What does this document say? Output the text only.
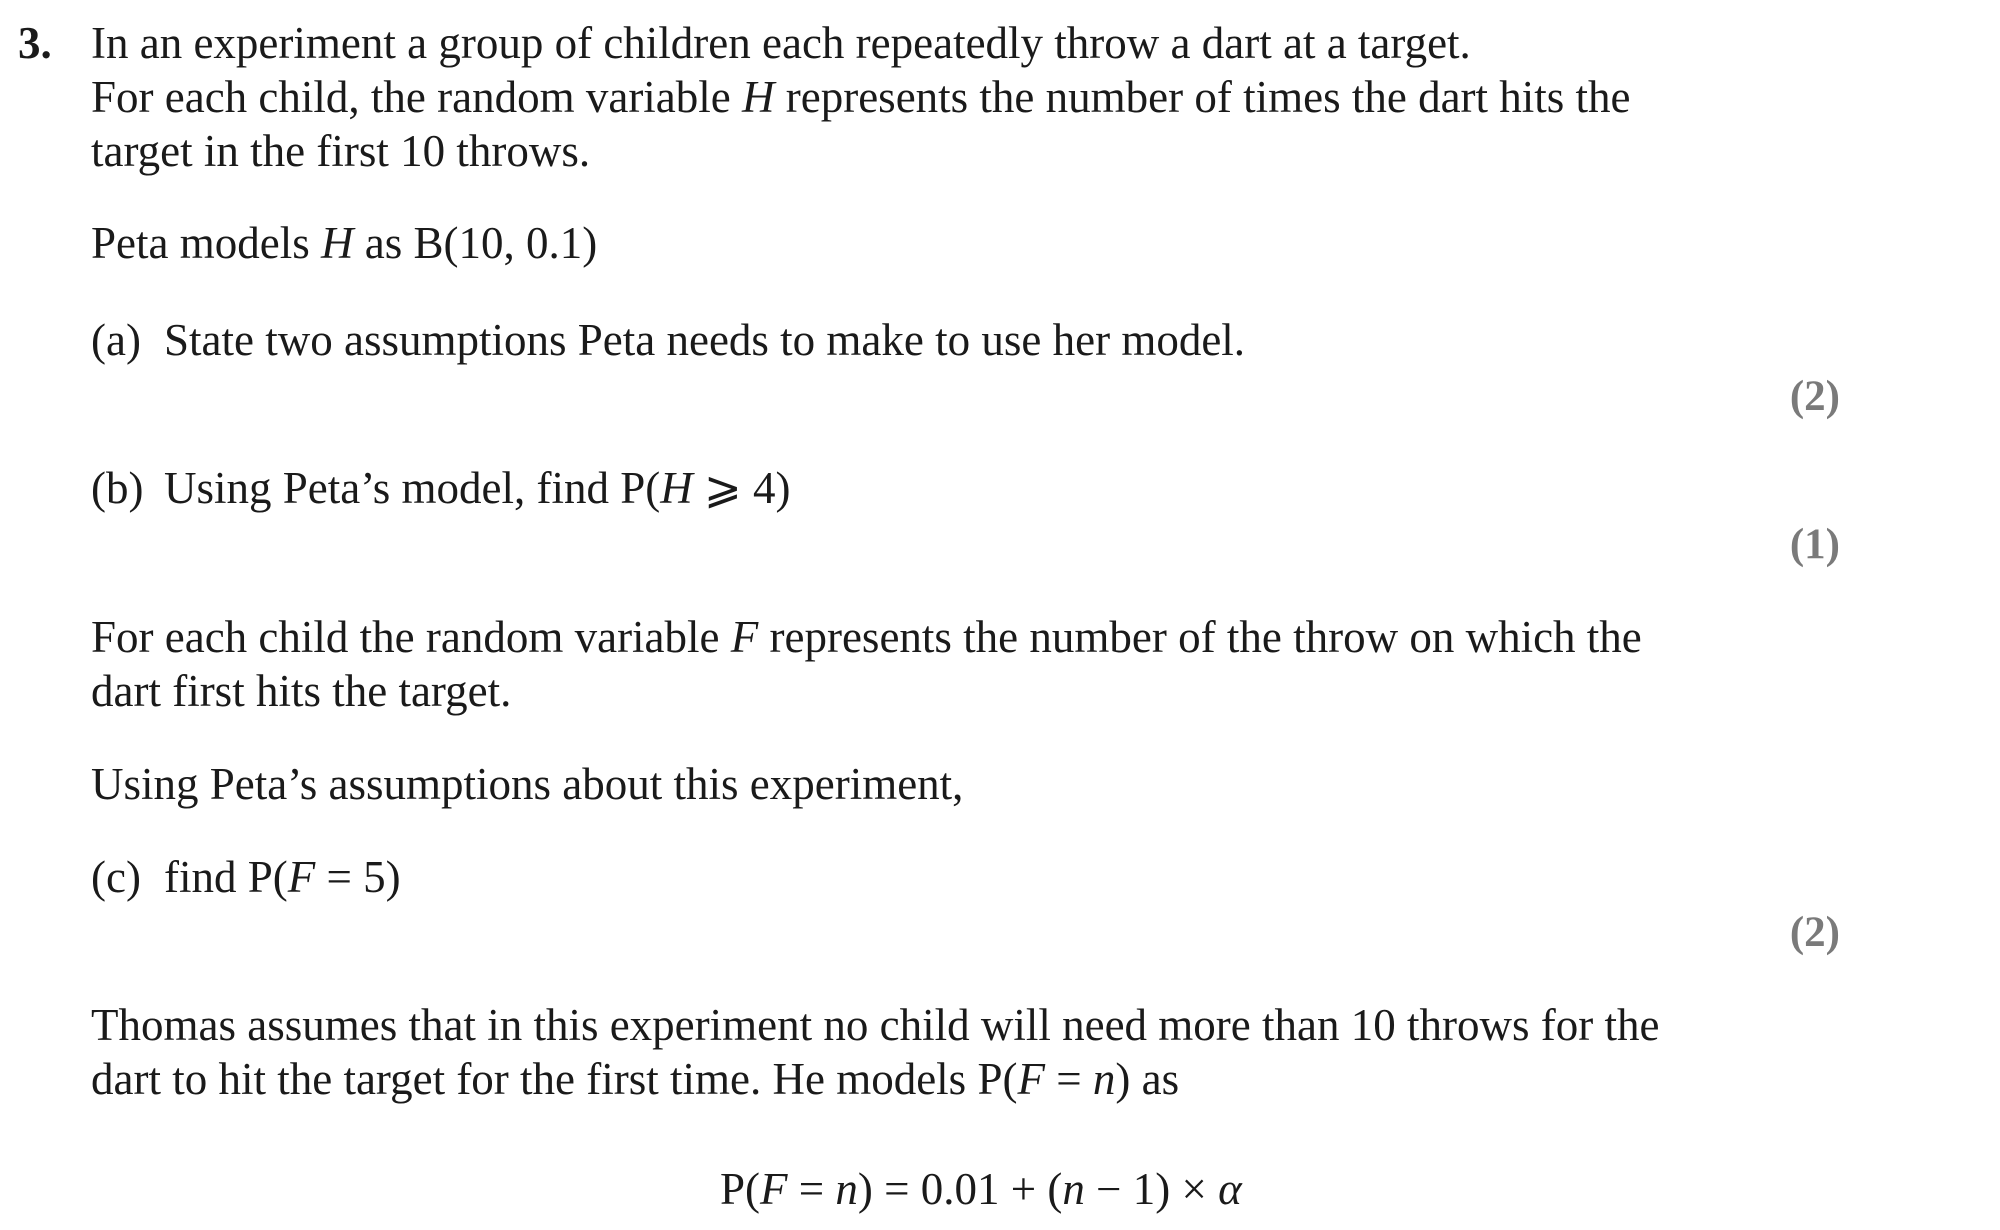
3. In an experiment a group of children each repeatedly throw a dart at a target.
For each child, the random variable H represents the number of times the dart hits the
target in the first 10 throws.
Peta models H as B(10, 0.1)
(a) State two assumptions Peta needs to make to use her model.
(2)
(b) Using Peta’s model, find P(H ⩾ 4)
(1)
For each child the random variable F represents the number of the throw on which the
dart first hits the target.
Using Peta’s assumptions about this experiment,
(c) find P(F = 5)
(2)
Thomas assumes that in this experiment no child will need more than 10 throws for the
dart to hit the target for the first time. He models P(F = n) as
P(F = n) = 0.01 + (n − 1) × α
